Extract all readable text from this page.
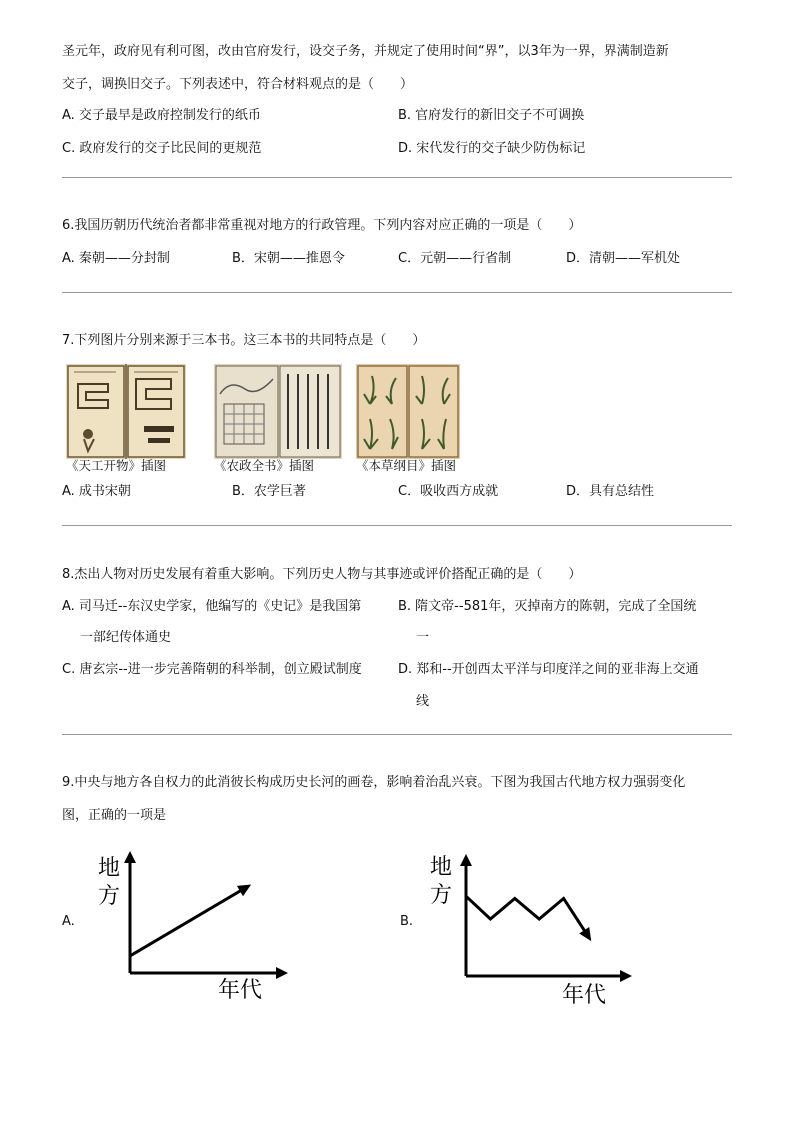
圣元年，政府见有利可图，改由官府发行，设交子务，并规定了使用时间“界”，以3年为一界，界满制造新
交子，调换旧交子。下列表述中，符合材料观点的是（　　）
A. 交子最早是政府控制发行的纸币	B. 官府发行的新旧交子不可调换
C. 政府发行的交子比民间的更规范	D. 宋代发行的交子缺少防伪标记
6.我国历朝历代统治者都非常重视对地方的行政管理。下列内容对应正确的一项是（　　）
A. 秦朝——分封制	B．宋朝——推恩令	C．元朝——行省制	D．清朝——军机处
7.下列图片分别来源于三本书。这三本书的共同特点是（　　）
《天工开物》插图	《农政全书》插图	《本草纲目》插图
A. 成书宋朝	B．农学巨著	C．吸收西方成就	D．具有总结性
8.杰出人物对历史发展有着重大影响。下列历史人物与其事迹或评价搭配正确的是（　　）
A. 司马迁--东汉史学家，他编写的《史记》是我国第
一部纪传体通史
B. 隋文帝--581年，灭掉南方的陈朝，完成了全国统
一
C. 唐玄宗--进一步完善隋朝的科举制，创立殿试制度	D. 郑和--开创西太平洋与印度洋之间的亚非海上交通
线
9.中央与地方各自权力的此消彼长构成历史长河的画卷，影响着治乱兴衰。下图为我国古代地方权力强弱变化
图，正确的一项是
A.	B.
地
方
年代
地
方
年代
